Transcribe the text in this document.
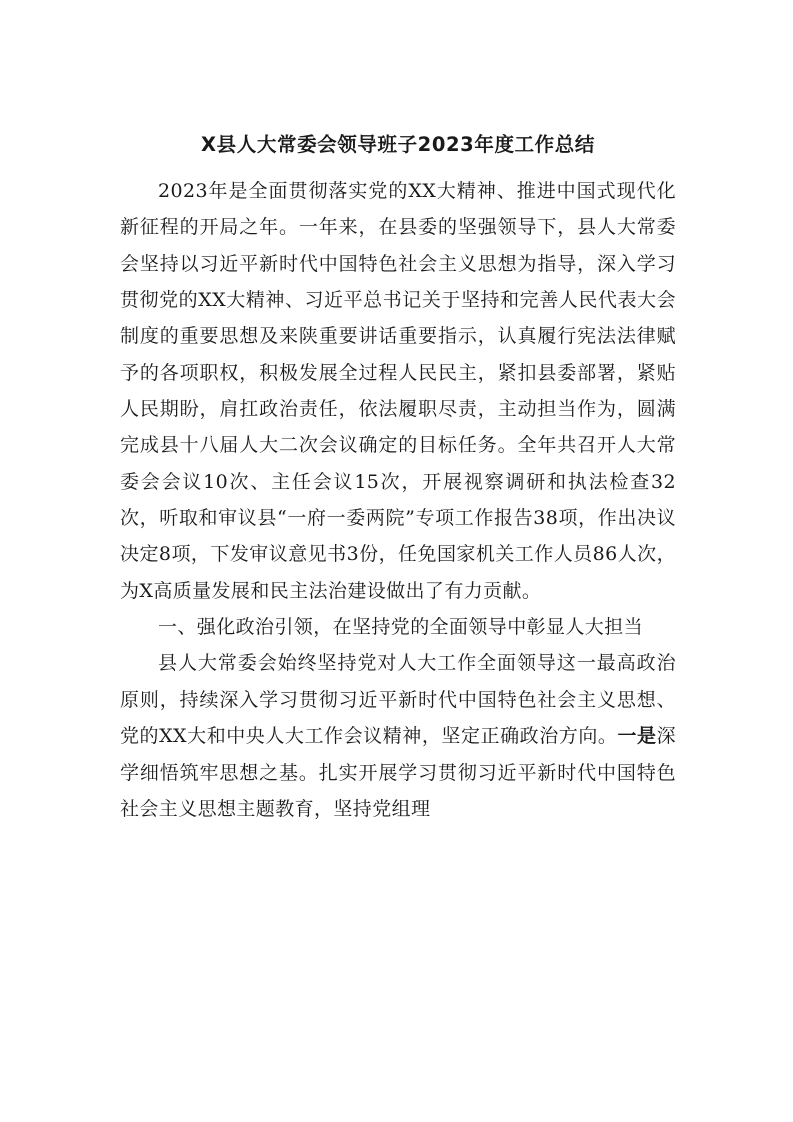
X县人大常委会领导班子2023年度工作总结

2023年是全面贯彻落实党的XX大精神、推进中国式现代化新征程的开局之年。一年来，在县委的坚强领导下，县人大常委会坚持以习近平新时代中国特色社会主义思想为指导，深入学习贯彻党的XX大精神、习近平总书记关于坚持和完善人民代表大会制度的重要思想及来陕重要讲话重要指示，认真履行宪法法律赋予的各项职权，积极发展全过程人民民主，紧扣县委部署，紧贴人民期盼，肩扛政治责任，依法履职尽责，主动担当作为，圆满完成县十八届人大二次会议确定的目标任务。全年共召开人大常委会会议10次、主任会议15次，开展视察调研和执法检查32次，听取和审议县“一府一委两院”专项工作报告38项，作出决议决定8项，下发审议意见书3份，任免国家机关工作人员86人次，为X高质量发展和民主法治建设做出了有力贡献。

一、强化政治引领，在坚持党的全面领导中彰显人大担当

县人大常委会始终坚持党对人大工作全面领导这一最高政治原则，持续深入学习贯彻习近平新时代中国特色社会主义思想、党的XX大和中央人大工作会议精神，坚定正确政治方向。一是深学细悟筑牢思想之基。扎实开展学习贯彻习近平新时代中国特色社会主义思想主题教育，坚持党组理
